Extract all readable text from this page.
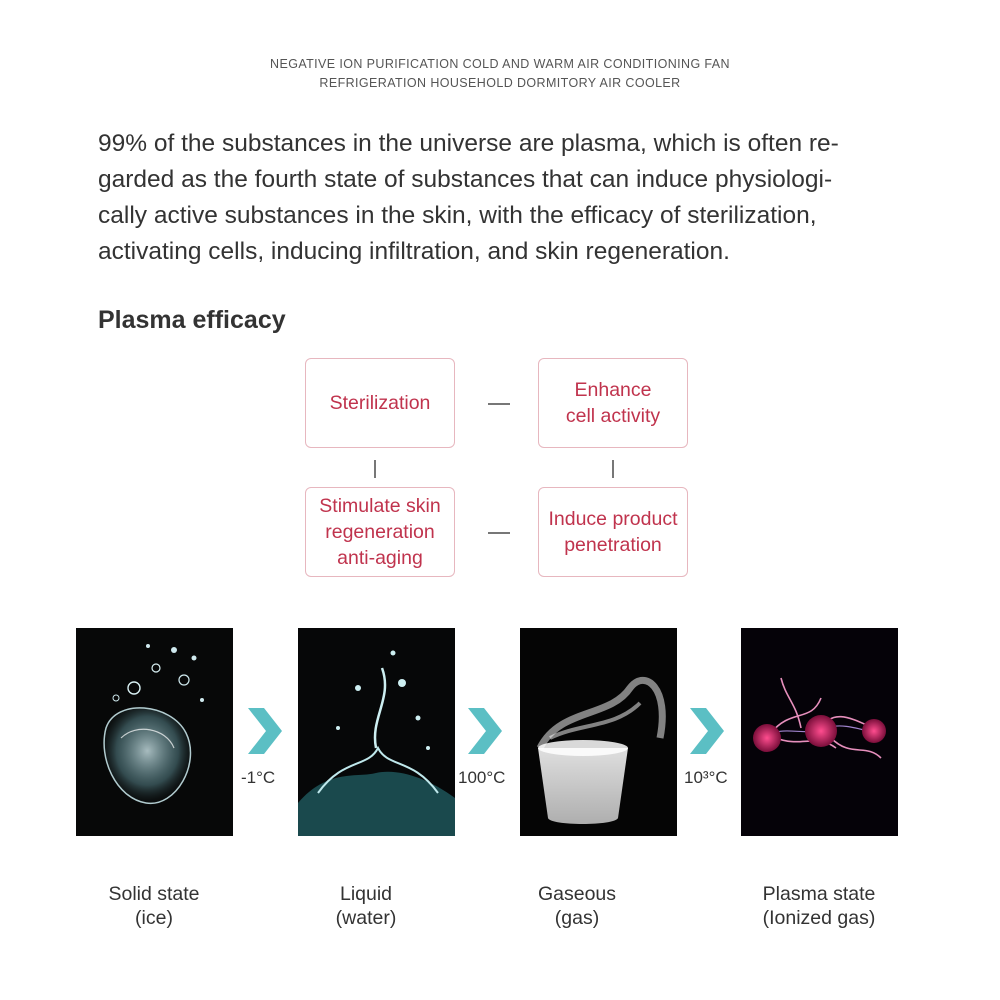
NEGATIVE ION PURIFICATION COLD AND WARM AIR CONDITIONING FAN
REFRIGERATION HOUSEHOLD DORMITORY AIR COOLER
99% of the substances in the universe are plasma, which is often re-
garded as the fourth state of substances that can induce physiologi-
cally active substances in the skin, with the efficacy of sterilization,
activating cells, inducing infiltration, and skin regeneration.
Plasma efficacy
Sterilization
Enhance
cell activity
Stimulate skin
regeneration
anti-aging
Induce product
penetration
-1°C	100°C	10³°C
Solid state
(ice)
Liquid
(water)
Gaseous
(gas)
Plasma state
(Ionized gas)
